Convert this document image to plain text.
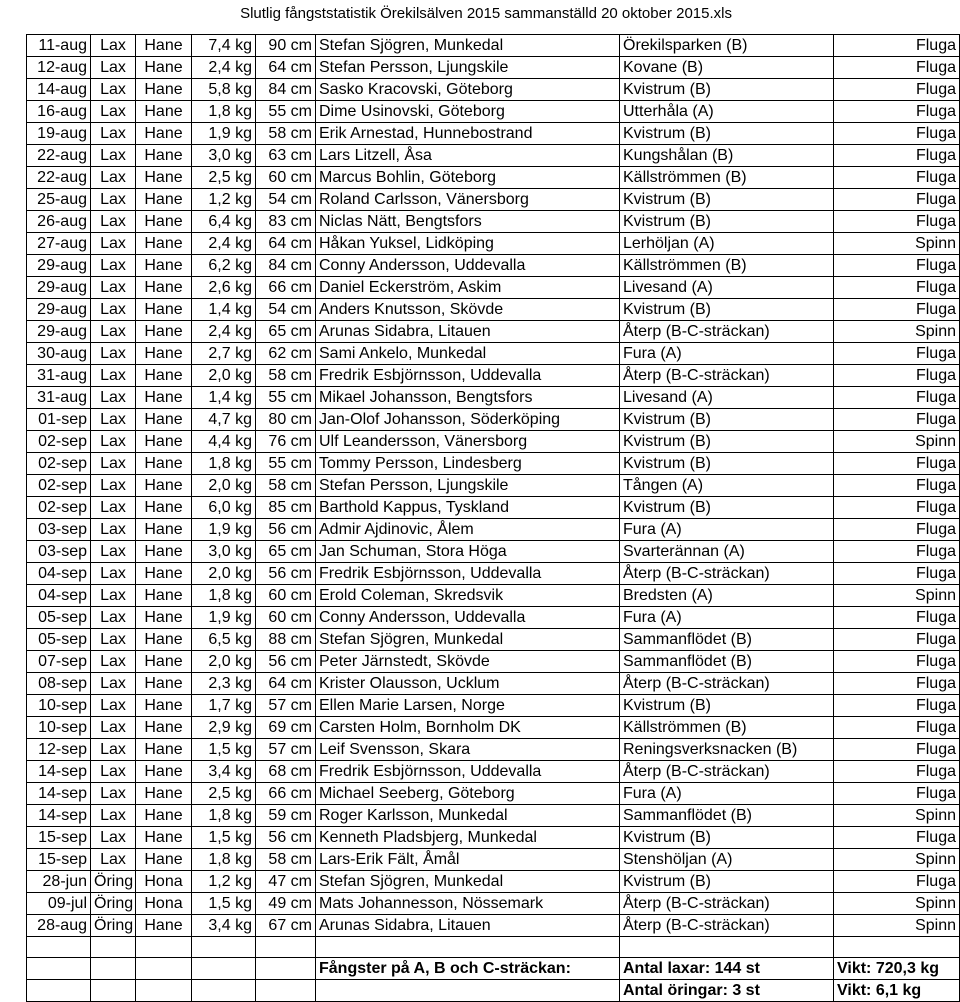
Slutlig fångststatistik Örekilsälven 2015 sammanställd 20 oktober 2015.xls
11-aug	Lax	Hane	7,4 kg	90 cm	Stefan Sjögren, Munkedal	Örekilsparken (B)	Fluga
12-aug	Lax	Hane	2,4 kg	64 cm	Stefan Persson, Ljungskile	Kovane (B)	Fluga
14-aug	Lax	Hane	5,8 kg	84 cm	Sasko Kracovski, Göteborg	Kvistrum (B)	Fluga
16-aug	Lax	Hane	1,8 kg	55 cm	Dime Usinovski, Göteborg	Utterhåla (A)	Fluga
19-aug	Lax	Hane	1,9 kg	58 cm	Erik Arnestad, Hunnebostrand	Kvistrum (B)	Fluga
22-aug	Lax	Hane	3,0 kg	63 cm	Lars Litzell, Åsa	Kungshålan (B)	Fluga
22-aug	Lax	Hane	2,5 kg	60 cm	Marcus Bohlin, Göteborg	Källströmmen (B)	Fluga
25-aug	Lax	Hane	1,2 kg	54 cm	Roland Carlsson, Vänersborg	Kvistrum (B)	Fluga
26-aug	Lax	Hane	6,4 kg	83 cm	Niclas Nätt, Bengtsfors	Kvistrum (B)	Fluga
27-aug	Lax	Hane	2,4 kg	64 cm	Håkan Yuksel, Lidköping	Lerhöljan (A)	Spinn
29-aug	Lax	Hane	6,2 kg	84 cm	Conny Andersson, Uddevalla	Källströmmen (B)	Fluga
29-aug	Lax	Hane	2,6 kg	66 cm	Daniel Eckerström, Askim	Livesand (A)	Fluga
29-aug	Lax	Hane	1,4 kg	54 cm	Anders Knutsson, Skövde	Kvistrum (B)	Fluga
29-aug	Lax	Hane	2,4 kg	65 cm	Arunas Sidabra, Litauen	Återp (B-C-sträckan)	Spinn
30-aug	Lax	Hane	2,7 kg	62 cm	Sami Ankelo, Munkedal	Fura (A)	Fluga
31-aug	Lax	Hane	2,0 kg	58 cm	Fredrik Esbjörnsson, Uddevalla	Återp (B-C-sträckan)	Fluga
31-aug	Lax	Hane	1,4 kg	55 cm	Mikael Johansson, Bengtsfors	Livesand (A)	Fluga
01-sep	Lax	Hane	4,7 kg	80 cm	Jan-Olof Johansson, Söderköping	Kvistrum (B)	Fluga
02-sep	Lax	Hane	4,4 kg	76 cm	Ulf Leandersson, Vänersborg	Kvistrum (B)	Spinn
02-sep	Lax	Hane	1,8 kg	55 cm	Tommy Persson, Lindesberg	Kvistrum (B)	Fluga
02-sep	Lax	Hane	2,0 kg	58 cm	Stefan Persson, Ljungskile	Tången (A)	Fluga
02-sep	Lax	Hane	6,0 kg	85 cm	Barthold Kappus, Tyskland	Kvistrum (B)	Fluga
03-sep	Lax	Hane	1,9 kg	56 cm	Admir Ajdinovic, Ålem	Fura (A)	Fluga
03-sep	Lax	Hane	3,0 kg	65 cm	Jan Schuman, Stora Höga	Svarterännan (A)	Fluga
04-sep	Lax	Hane	2,0 kg	56 cm	Fredrik Esbjörnsson, Uddevalla	Återp (B-C-sträckan)	Fluga
04-sep	Lax	Hane	1,8 kg	60 cm	Erold Coleman, Skredsvik	Bredsten (A)	Spinn
05-sep	Lax	Hane	1,9 kg	60 cm	Conny Andersson, Uddevalla	Fura (A)	Fluga
05-sep	Lax	Hane	6,5 kg	88 cm	Stefan Sjögren, Munkedal	Sammanflödet (B)	Fluga
07-sep	Lax	Hane	2,0 kg	56 cm	Peter Järnstedt, Skövde	Sammanflödet (B)	Fluga
08-sep	Lax	Hane	2,3 kg	64 cm	Krister Olausson, Ucklum	Återp (B-C-sträckan)	Fluga
10-sep	Lax	Hane	1,7 kg	57 cm	Ellen Marie Larsen, Norge	Kvistrum (B)	Fluga
10-sep	Lax	Hane	2,9 kg	69 cm	Carsten Holm, Bornholm DK	Källströmmen (B)	Fluga
12-sep	Lax	Hane	1,5 kg	57 cm	Leif Svensson, Skara	Reningsverksnacken (B)	Fluga
14-sep	Lax	Hane	3,4 kg	68 cm	Fredrik Esbjörnsson, Uddevalla	Återp (B-C-sträckan)	Fluga
14-sep	Lax	Hane	2,5 kg	66 cm	Michael Seeberg, Göteborg	Fura (A)	Fluga
14-sep	Lax	Hane	1,8 kg	59 cm	Roger Karlsson, Munkedal	Sammanflödet (B)	Spinn
15-sep	Lax	Hane	1,5 kg	56 cm	Kenneth Pladsbjerg, Munkedal	Kvistrum (B)	Fluga
15-sep	Lax	Hane	1,8 kg	58 cm	Lars-Erik Fält, Åmål	Stenshöljan (A)	Spinn
28-jun	Öring	Hona	1,2 kg	47 cm	Stefan Sjögren, Munkedal	Kvistrum (B)	Fluga
09-jul	Öring	Hona	1,5 kg	49 cm	Mats Johannesson, Nössemark	Återp (B-C-sträckan)	Spinn
28-aug	Öring	Hane	3,4 kg	67 cm	Arunas Sidabra, Litauen	Återp (B-C-sträckan)	Spinn

					Fångster på A, B och C-sträckan:	Antal laxar: 144 st	Vikt: 720,3 kg
						Antal öringar: 3 st	Vikt: 6,1 kg
